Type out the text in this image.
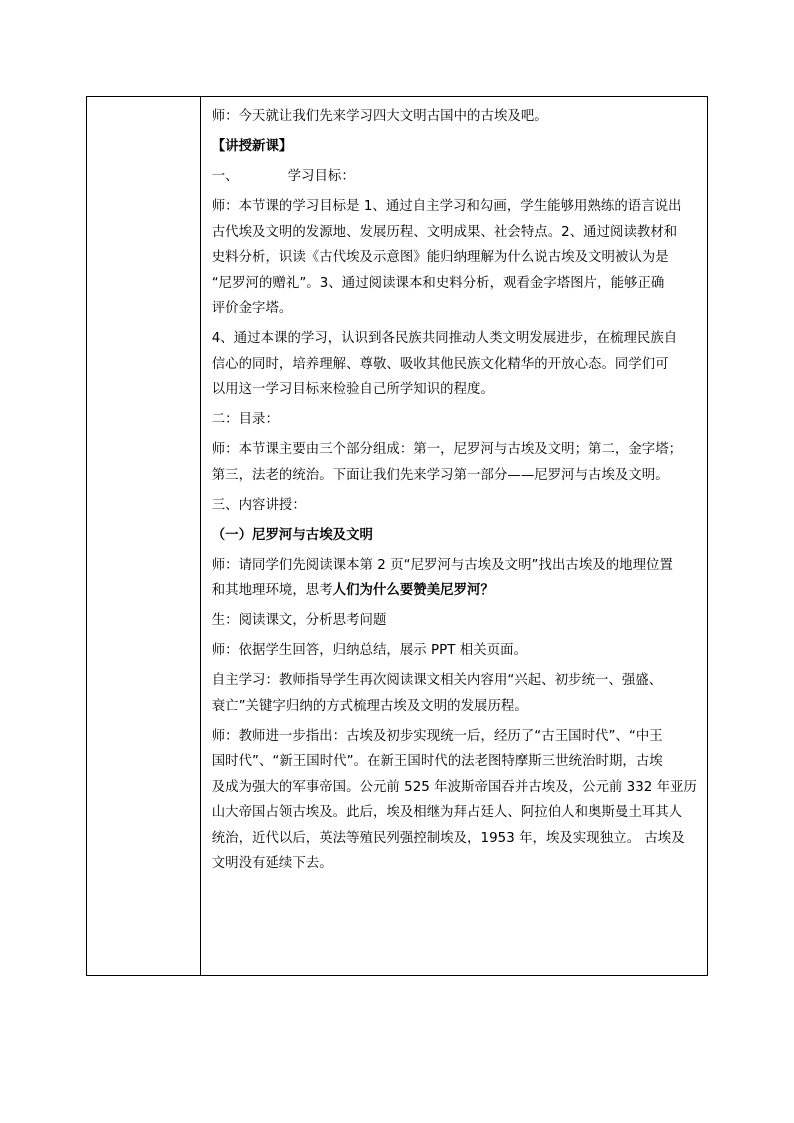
师：今天就让我们先来学习四大文明古国中的古埃及吧。
【讲授新课】
一、	学习目标：
师：本节课的学习目标是 1、通过自主学习和勾画，学生能够用熟练的语言说出
古代埃及文明的发源地、发展历程、文明成果、社会特点。2、通过阅读教材和
史料分析，识读《古代埃及示意图》能归纳理解为什么说古埃及文明被认为是
“尼罗河的赠礼”。3、通过阅读课本和史料分析，观看金字塔图片，能够正确
评价金字塔。
4、通过本课的学习，认识到各民族共同推动人类文明发展进步，在梳理民族自
信心的同时，培养理解、尊敬、吸收其他民族文化精华的开放心态。同学们可
以用这一学习目标来检验自己所学知识的程度。
二：目录：
师：本节课主要由三个部分组成：第一，尼罗河与古埃及文明；第二，金字塔；
第三，法老的统治。下面让我们先来学习第一部分——尼罗河与古埃及文明。
三、内容讲授：
（一）尼罗河与古埃及文明
师：请同学们先阅读课本第 2 页“尼罗河与古埃及文明”找出古埃及的地理位置
和其地理环境，思考人们为什么要赞美尼罗河？
生：阅读课文，分析思考问题
师：依据学生回答，归纳总结，展示 PPT 相关页面。
自主学习：教师指导学生再次阅读课文相关内容用“兴起、初步统一、强盛、
衰亡”关键字归纳的方式梳理古埃及文明的发展历程。
师：教师进一步指出：古埃及初步实现统一后，经历了“古王国时代”、“中王
国时代”、“新王国时代”。在新王国时代的法老图特摩斯三世统治时期，古埃
及成为强大的军事帝国。公元前 525 年波斯帝国吞并古埃及，公元前 332 年亚历
山大帝国占领古埃及。此后，埃及相继为拜占廷人、阿拉伯人和奥斯曼土耳其人
统治，近代以后，英法等殖民列强控制埃及，1953 年，埃及实现独立。 古埃及
文明没有延续下去。
